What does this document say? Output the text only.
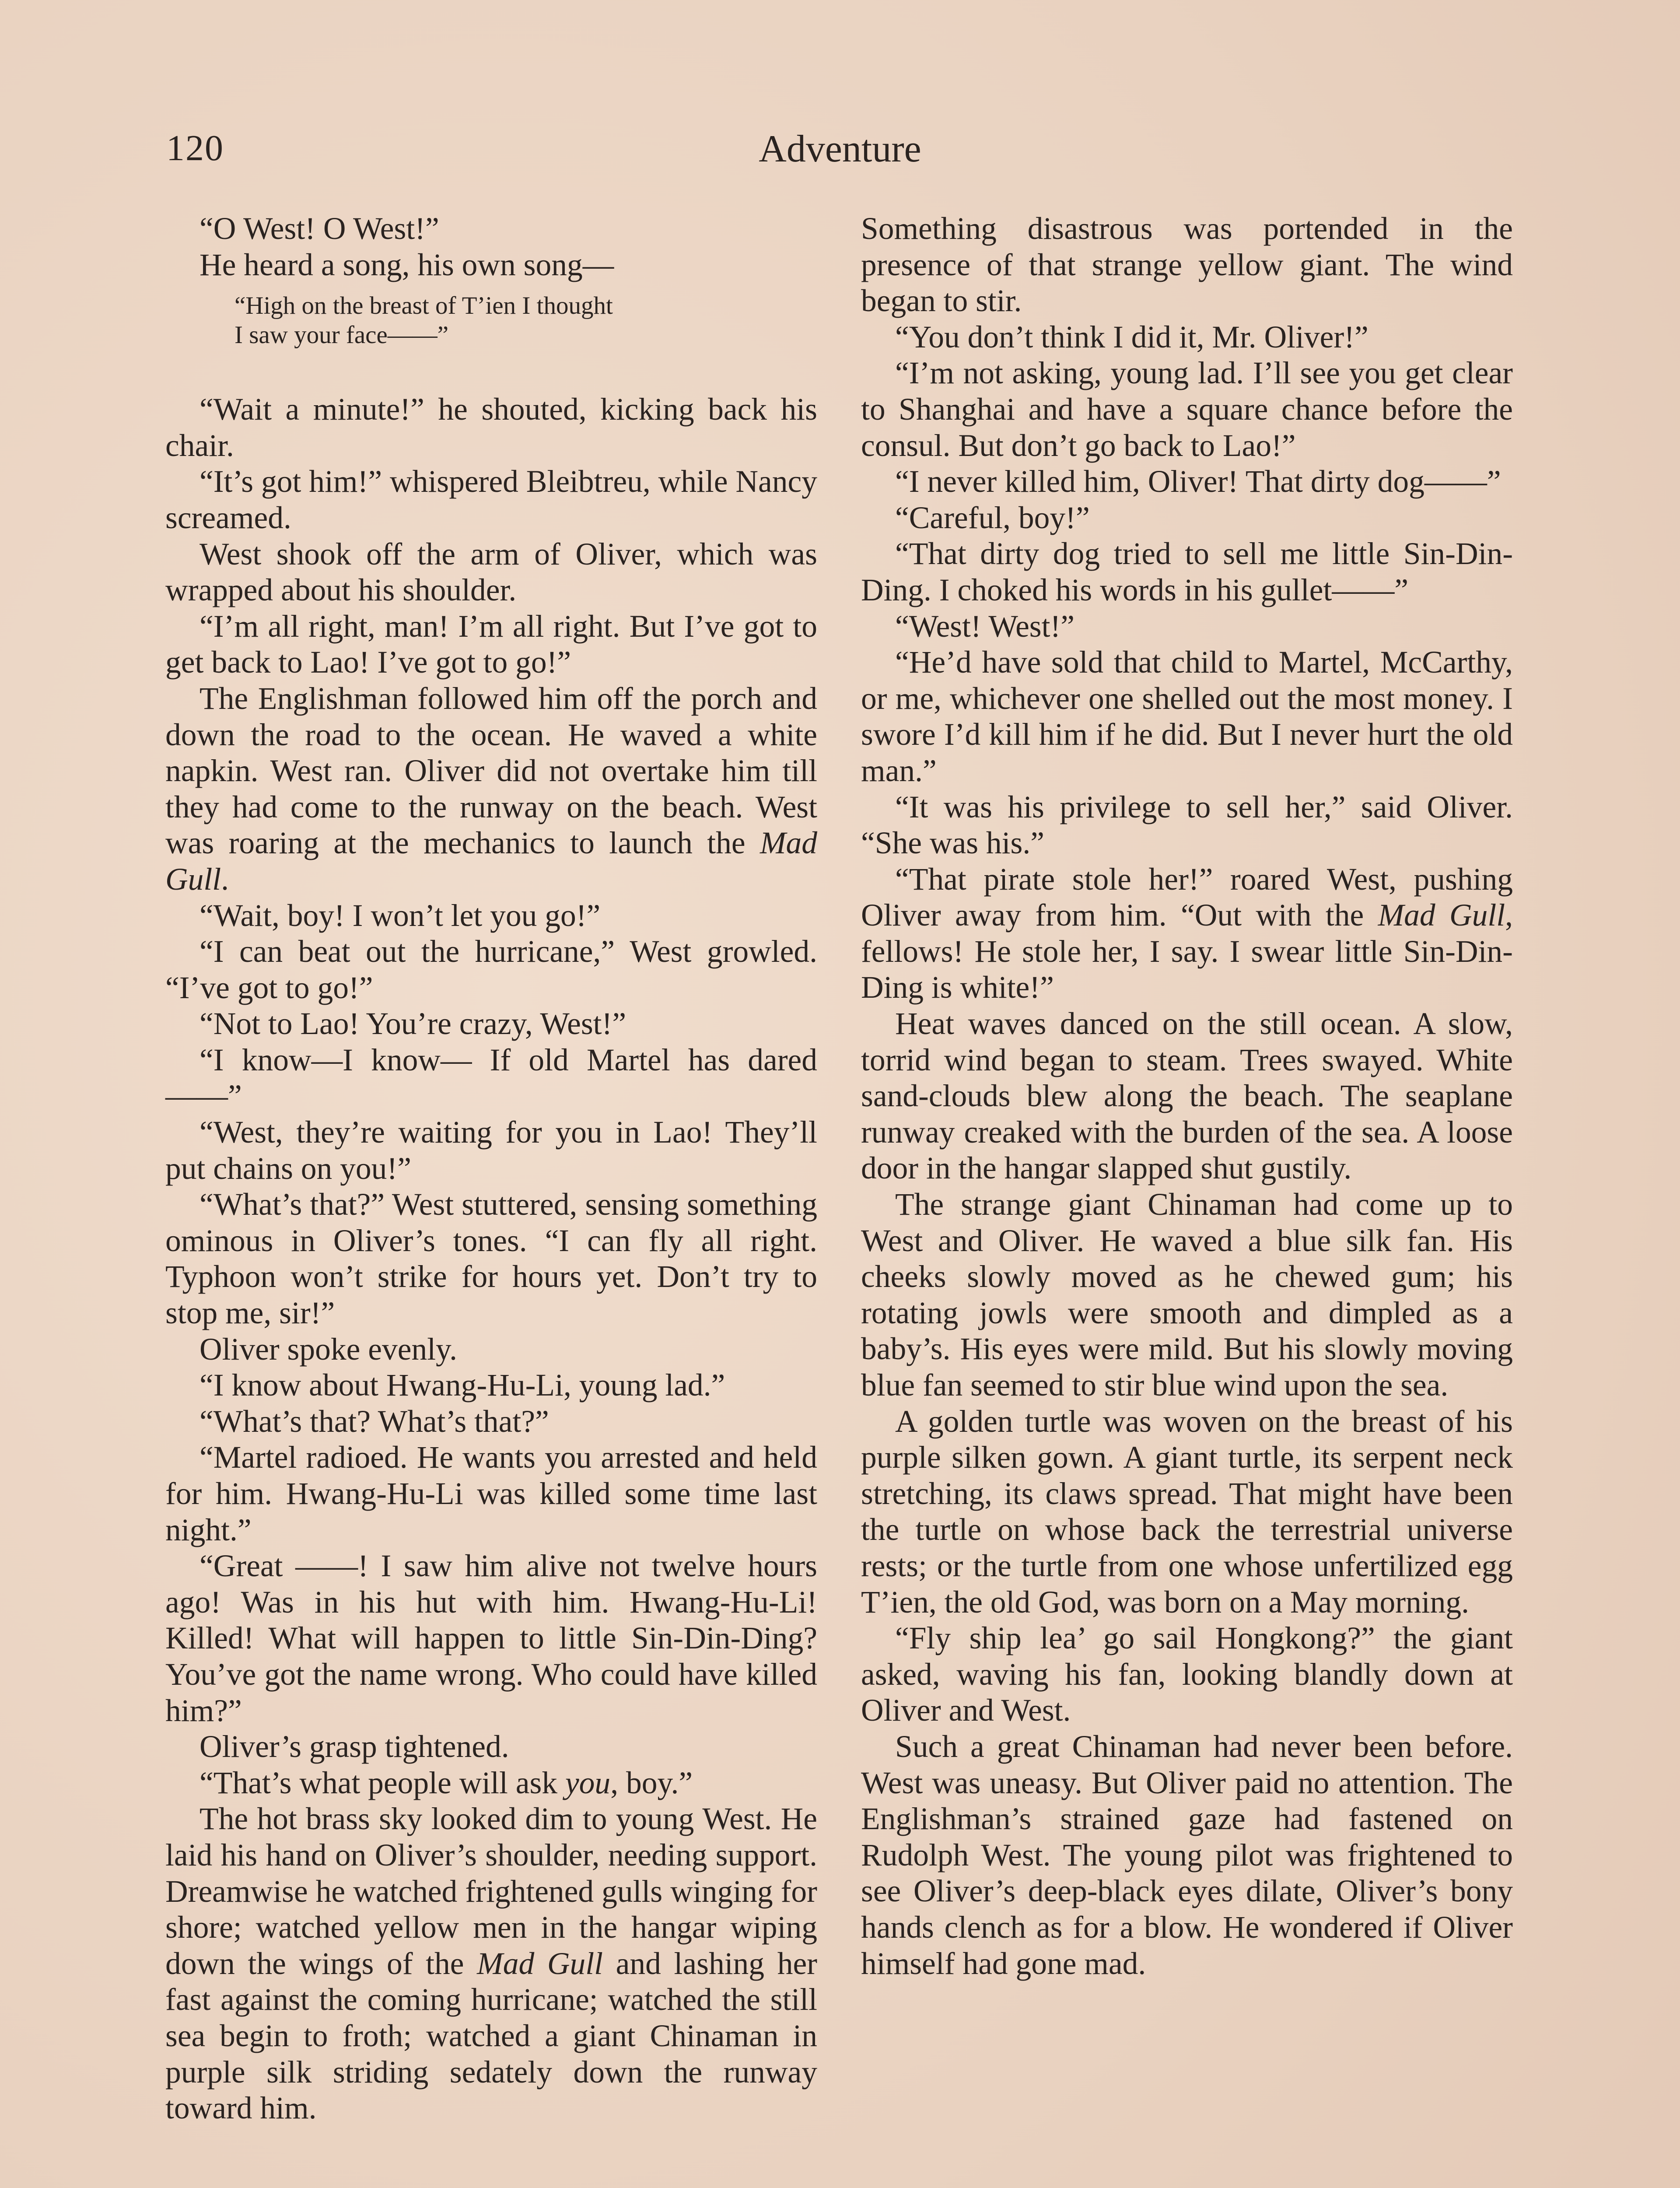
120	Adventure

“O West! O West!”

He heard a song, his own song—

“High on the breast of T’ien I thought
I saw your face——”

“Wait a minute!” he shouted, kicking back his chair.

“It’s got him!” whispered Bleibtreu, while Nancy screamed.

West shook off the arm of Oliver, which was wrapped about his shoulder.

“I’m all right, man! I’m all right. But I’ve got to get back to Lao! I’ve got to go!”

The Englishman followed him off the porch and down the road to the ocean. He waved a white napkin. West ran. Oliver did not overtake him till they had come to the runway on the beach. West was roaring at the mechanics to launch the Mad Gull.

“Wait, boy! I won’t let you go!”

“I can beat out the hurricane,” West growled. “I’ve got to go!”

“Not to Lao! You’re crazy, West!”

“I know—I know— If old Martel has dared——”

“West, they’re waiting for you in Lao! They’ll put chains on you!”

“What’s that?” West stuttered, sensing something ominous in Oliver’s tones. “I can fly all right. Typhoon won’t strike for hours yet. Don’t try to stop me, sir!”

Oliver spoke evenly.

“I know about Hwang-Hu-Li, young lad.”

“What’s that? What’s that?”

“Martel radioed. He wants you arrested and held for him. Hwang-Hu-Li was killed some time last night.”

“Great ——! I saw him alive not twelve hours ago! Was in his hut with him. Hwang-Hu-Li! Killed! What will happen to little Sin-Din-Ding? You’ve got the name wrong. Who could have killed him?”

Oliver’s grasp tightened.

“That’s what people will ask you, boy.”

The hot brass sky looked dim to young West. He laid his hand on Oliver’s shoulder, needing support. Dreamwise he watched frightened gulls winging for shore; watched yellow men in the hangar wiping down the wings of the Mad Gull and lashing her fast against the coming hurricane; watched the still sea begin to froth; watched a giant Chinaman in purple silk striding sedately down the runway toward him.

Something disastrous was portended in the presence of that strange yellow giant. The wind began to stir.

“You don’t think I did it, Mr. Oliver!”

“I’m not asking, young lad. I’ll see you get clear to Shanghai and have a square chance before the consul. But don’t go back to Lao!”

“I never killed him, Oliver! That dirty dog——”

“Careful, boy!”

“That dirty dog tried to sell me little Sin-Din-Ding. I choked his words in his gullet——”

“West! West!”

“He’d have sold that child to Martel, McCarthy, or me, whichever one shelled out the most money. I swore I’d kill him if he did. But I never hurt the old man.”

“It was his privilege to sell her,” said Oliver. “She was his.”

“That pirate stole her!” roared West, pushing Oliver away from him. “Out with the Mad Gull, fellows! He stole her, I say. I swear little Sin-Din-Ding is white!”

Heat waves danced on the still ocean. A slow, torrid wind began to steam. Trees swayed. White sand-clouds blew along the beach. The seaplane runway creaked with the burden of the sea. A loose door in the hangar slapped shut gustily.

The strange giant Chinaman had come up to West and Oliver. He waved a blue silk fan. His cheeks slowly moved as he chewed gum; his rotating jowls were smooth and dimpled as a baby’s. His eyes were mild. But his slowly moving blue fan seemed to stir blue wind upon the sea.

A golden turtle was woven on the breast of his purple silken gown. A giant turtle, its serpent neck stretching, its claws spread. That might have been the turtle on whose back the terrestrial universe rests; or the turtle from one whose unfertilized egg T’ien, the old God, was born on a May morning.

“Fly ship lea’ go sail Hongkong?” the giant asked, waving his fan, looking blandly down at Oliver and West.

Such a great Chinaman had never been before. West was uneasy. But Oliver paid no attention. The Englishman’s strained gaze had fastened on Rudolph West. The young pilot was frightened to see Oliver’s deep-black eyes dilate, Oliver’s bony hands clench as for a blow. He wondered if Oliver himself had gone mad.
